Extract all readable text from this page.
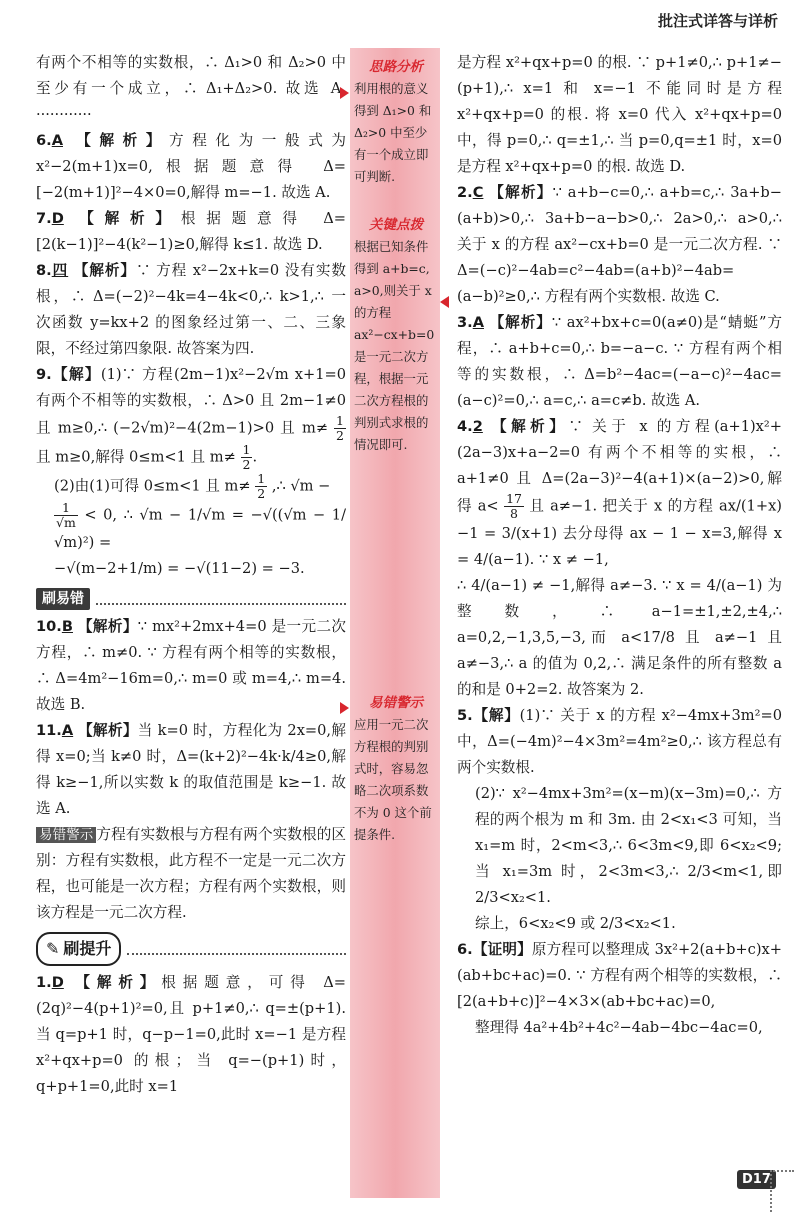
批注式详答与详析

有两个不相等的实数根，∴ Δ₁>0 和 Δ₂>0 中至少有一个成立，∴ Δ₁+Δ₂>0. 故选 A. ············

6.A 【解析】方程化为一般式为 x²−2(m+1)x=0,根据题意得 Δ=[−2(m+1)]²−4×0=0,解得 m=−1. 故选 A.

7.D 【解析】根据题意得 Δ=[2(k−1)]²−4(k²−1)≥0,解得 k≤1. 故选 D.

8.四 【解析】∵ 方程 x²−2x+k=0 没有实数根，∴ Δ=(−2)²−4k=4−4k<0,∴ k>1,∴ 一次函数 y=kx+2 的图象经过第一、二、三象限，不经过第四象限. 故答案为四.

9.【解】(1)∵ 方程(2m−1)x²−2√m x+1=0 有两个不相等的实数根，∴ Δ>0 且 2m−1≠0 且 m≥0,∴ (−2√m)²−4(2m−1)>0 且 $m\ne \frac{1}{2}$
且 m≥0,解得 0≤m<1 且 $m\ne \frac{1}{2}$ .

(2)由(1)可得 0≤m<1 且 $m\ne \frac{1}{2}$ ,∴ √m −

$\frac{1}{√m} < 0$, ∴ √m − 1/√m = −√((√m − 1/√m)²) =

−√(m−2+1/m) = −√(11−2) = −3.

刷易错

10.B 【解析】∵ mx²+2mx+4=0 是一元二次方程，∴ m≠0. ∵ 方程有两个相等的实数根，∴ Δ=4m²−16m=0,∴ m=0 或 m=4,∴ m=4. 故选 B.

11.A 【解析】当 k=0 时，方程化为 2x=0,解得 x=0;当 k≠0 时，Δ=(k+2)²−4k·k/4≥0,解得 k≥−1,所以实数 k 的取值范围是 k≥−1. 故选 A.

易错警示 方程有实数根与方程有两个实数根的区别：方程有实数根，此方程不一定是一元二次方程，也可能是一次方程；方程有两个实数根，则该方程是一元二次方程.

✎ 刷提升

1.D 【解析】根据题意，可得 Δ=(2q)²−4(p+1)²=0,且 p+1≠0,∴ q=±(p+1). 当 q=p+1 时，q−p−1=0,此时 x=−1 是方程 x²+qx+p=0 的根；当 q=−(p+1)时，q+p+1=0,此时 x=1

思路分析
利用根的意义得到 Δ₁>0 和 Δ₂>0 中至少有一个成立即可判断.
关键点拨
根据已知条件得到 a+b=c, a>0,则关于 x 的方程 ax²−cx+b=0 是一元二次方程，根据一元二次方程根的判别式求根的情况即可.
易错警示
应用一元二次方程根的判别式时，容易忽略二次项系数不为 0 这个前提条件.

是方程 x²+qx+p=0 的根. ∵ p+1≠0,∴ p+1≠−(p+1),∴ x=1 和 x=−1 不能同时是方程 x²+qx+p=0 的根. 将 x=0 代入 x²+qx+p=0 中，得 p=0,∴ q=±1,∴ 当 p=0,q=±1 时，x=0 是方程 x²+qx+p=0 的根. 故选 D.

2.C 【解析】∵ a+b−c=0,∴ a+b=c,∴ 3a+b−(a+b)>0,∴ 3a+b−a−b>0,∴ 2a>0,∴ a>0,∴ 关于 x 的方程 ax²−cx+b=0 是一元二次方程. ∵ Δ=(−c)²−4ab=c²−4ab=(a+b)²−4ab=(a−b)²≥0,∴ 方程有两个实数根. 故选 C.

3.A 【解析】∵ ax²+bx+c=0(a≠0)是“蜻蜓”方程，∴ a+b+c=0,∴ b=−a−c. ∵ 方程有两个相等的实数根，∴ Δ=b²−4ac=(−a−c)²−4ac=(a−c)²=0,∴ a=c,∴ a=c≠b. 故选 A.

4.2 【解析】∵ 关于 x 的方程(a+1)x²+(2a−3)x+a−2=0 有两个不相等的实根，∴ a+1≠0 且 Δ=(2a−3)²−4(a+1)×(a−2)>0,解得 $a< \frac{17}{8}$ 且 a≠−1. 把关于 x 的方程 ax/(1+x) −1 = 3/(x+1) 去分母得 ax − 1 − x=3,解得 x = 4/(a−1). ∵ x ≠ −1,

∴ 4/(a−1) ≠ −1,解得 a≠−3. ∵ x = 4/(a−1) 为整数，∴ a−1=±1,±2,±4,∴ a=0,2,−1,3,5,−3,而 a<17/8 且 a≠−1 且 a≠−3,∴ a 的值为 0,2,∴ 满足条件的所有整数 a 的和是 0+2=2. 故答案为 2.

5.【解】(1)∵ 关于 x 的方程 x²−4mx+3m²=0 中，Δ=(−4m)²−4×3m²=4m²≥0,∴ 该方程总有两个实数根.

(2)∵ x²−4mx+3m²=(x−m)(x−3m)=0,∴ 方程的两个根为 m 和 3m. 由 2<x₁<3 可知，当 x₁=m 时，2<m<3,∴ 6<3m<9,即 6<x₂<9;当 x₁=3m 时，2<3m<3,∴ 2/3<m<1,即 2/3<x₂<1.

综上，6<x₂<9 或 2/3<x₂<1.

6.【证明】原方程可以整理成 3x²+2(a+b+c)x+(ab+bc+ac)=0. ∵ 方程有两个相等的实数根，∴ [2(a+b+c)]²−4×3×(ab+bc+ac)=0,

整理得 4a²+4b²+4c²−4ab−4bc−4ac=0,

D17
